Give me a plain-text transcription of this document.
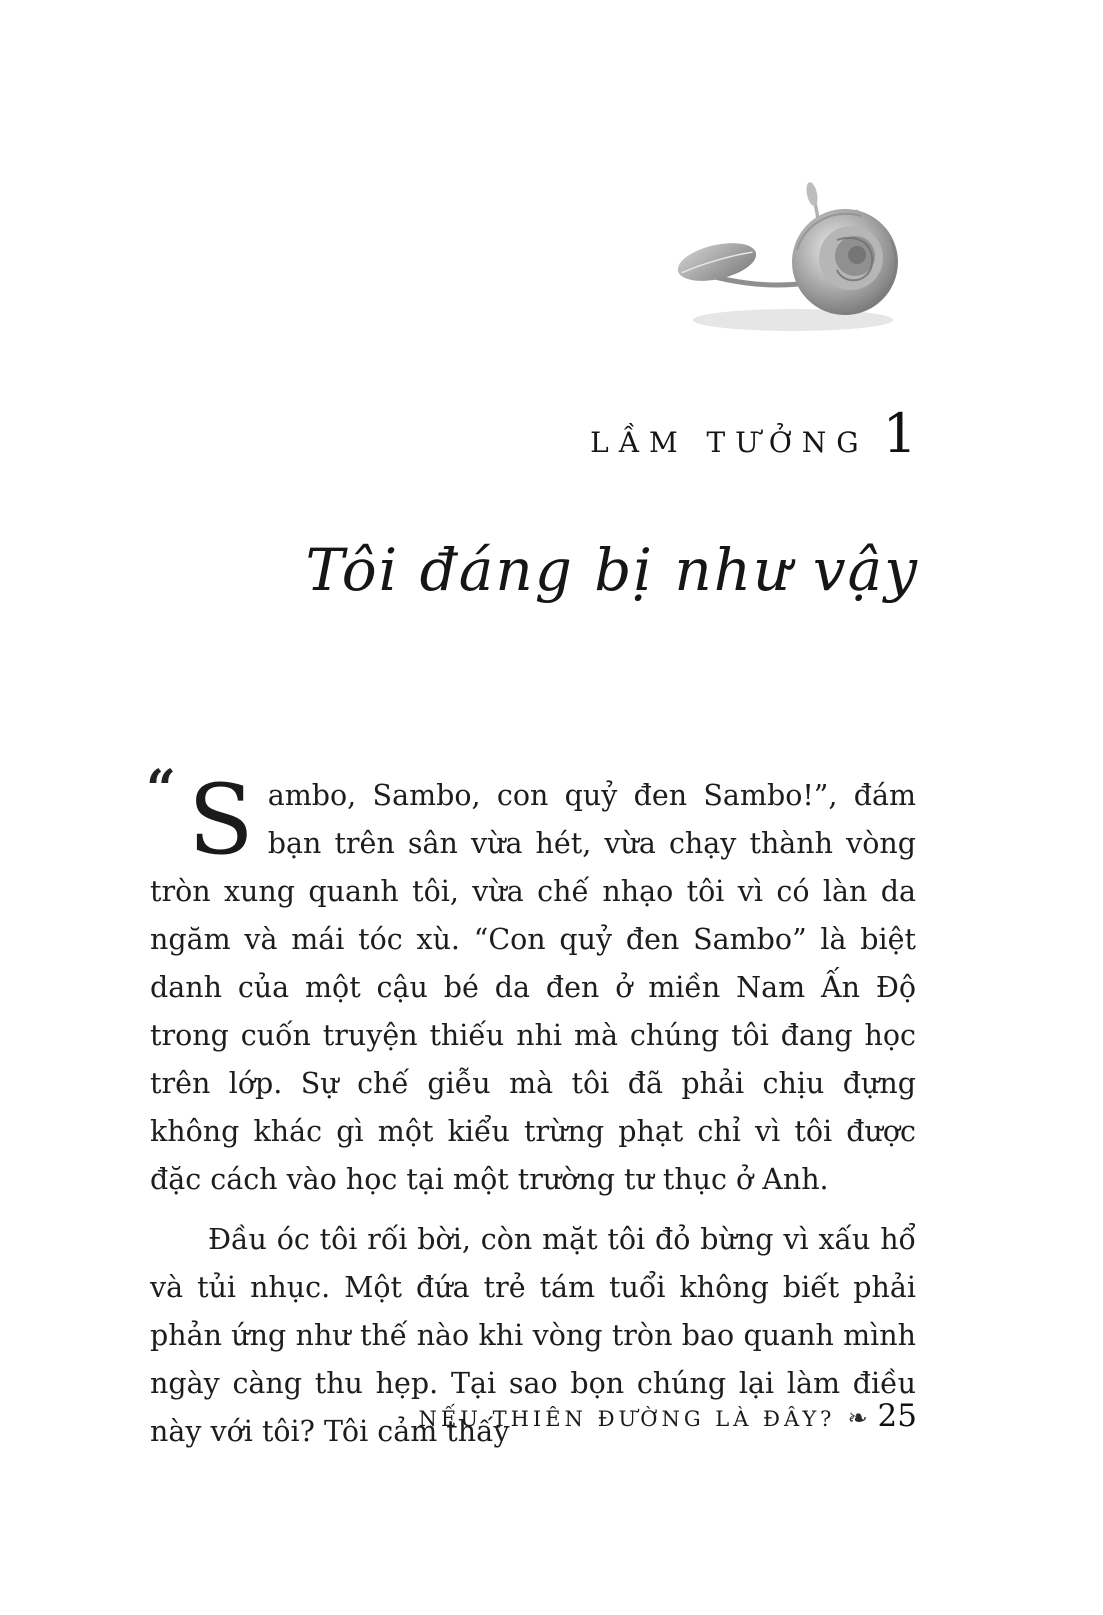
LẦM TƯỞNG 1
Tôi đáng bị như vậy

“ S ambo, Sambo, con quỷ đen Sambo!”, đám bạn trên sân vừa hét, vừa chạy thành vòng tròn xung quanh tôi, vừa chế nhạo tôi vì có làn da ngăm và mái tóc xù. “Con quỷ đen Sambo” là biệt danh của một cậu bé da đen ở miền Nam Ấn Độ trong cuốn truyện thiếu nhi mà chúng tôi đang học trên lớp. Sự chế giễu mà tôi đã phải chịu đựng không khác gì một kiểu trừng phạt chỉ vì tôi được đặc cách vào học tại một trường tư thục ở Anh.

Đầu óc tôi rối bời, còn mặt tôi đỏ bừng vì xấu hổ và tủi nhục. Một đứa trẻ tám tuổi không biết phải phản ứng như thế nào khi vòng tròn bao quanh mình ngày càng thu hẹp. Tại sao bọn chúng lại làm điều này với tôi? Tôi cảm thấy

NẾU THIÊN ĐƯỜNG LÀ ĐÂY? ❧ 25
